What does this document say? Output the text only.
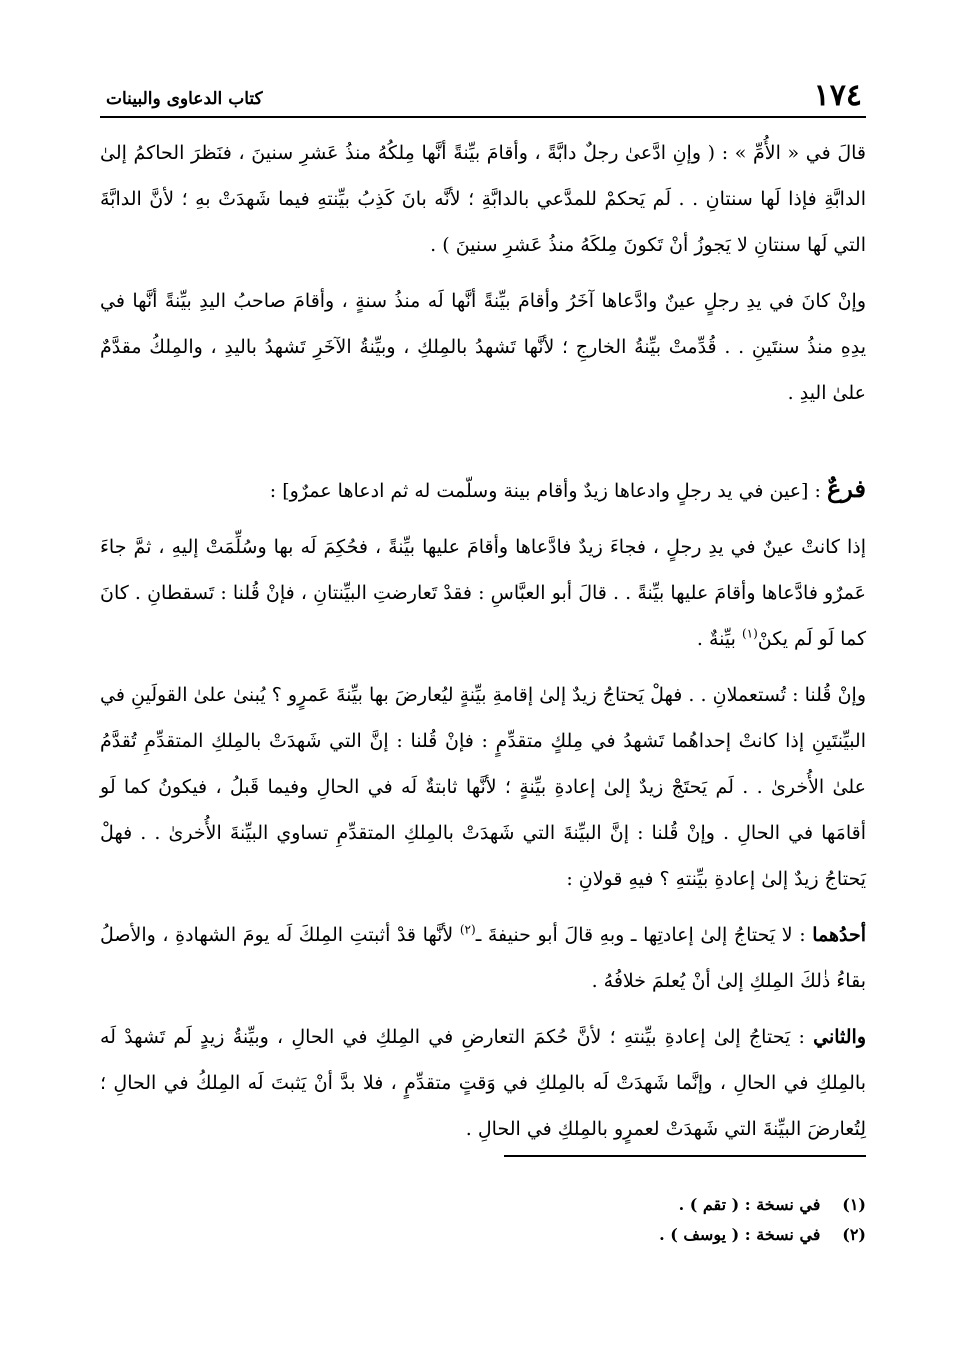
١٧٤
كتاب الدعاوى والبينات

قالَ في « الأُمِّ » : ( وإنِ ادَّعىٰ رجلٌ دابَّةً ، وأقامَ بيِّنةً أنَّها مِلكُهُ منذُ عَشرِ سنينَ ، فنَظرَ الحاكمُ إلىٰ الدابَّةِ فإذا لَها سنتانِ . . لَم يَحكمْ للمدَّعي بالدابَّةِ ؛ لأنَّه بانَ كَذِبُ بيِّنتهِ فيما شَهدَتْ بهِ ؛ لأنَّ الدابَّةَ التي لَها سنتانِ لا يَجوزُ أنْ تَكونَ مِلكَهُ منذُ عَشرِ سنينَ ) .

وإنْ كانَ في يدِ رجلٍ عينٌ وادَّعاها آخَرُ وأقامَ بيِّنةً أنَّها لَه منذُ سنةٍ ، وأقامَ صاحبُ اليدِ بيِّنةً أنَّها في يدِهِ منذُ سنتَينِ . . قُدِّمتْ بيِّنةُ الخارجِ ؛ لأنَّها تَشهدُ بالمِلكِ ، وبيِّنةُ الآخَرِ تَشهدُ باليدِ ، والمِلكُ مقدَّمٌ علىٰ اليدِ .

فرعٌ : [عين في يد رجلٍ وادعاها زيدٌ وأقام بينة وسلّمت له ثم ادعاها عمرٌو] :

إذا كانتْ عينٌ في يدِ رجلٍ ، فجاءَ زيدٌ فادَّعاها وأقامَ عليها بيِّنةً ، فحُكِمَ لَه بها وسُلِّمَتْ إليهِ ، ثمَّ جاءَ عَمرٌو فادَّعاها وأقامَ عليها بيِّنةً . . قالَ أبو العبَّاسِ : فقدْ تَعارضتِ البيِّنتانِ ، فإنْ قُلنا : تَسقطانِ . كانَ كما لَو لَم يكنْ$^{(١)}$ بيِّنةٌ .

وإنْ قُلنا : تُستعملانِ . . فهلْ يَحتاجُ زيدٌ إلىٰ إقامةِ بيِّنةٍ ليُعارضَ بها بيِّنةَ عَمرٍو ؟ يُبنىٰ علىٰ القولَينِ في البيِّنتَينِ إذا كانتْ إحداهُما تَشهدُ في مِلكٍ متقدِّمٍ : فإنْ قُلنا : إنَّ التي شَهدَتْ بالمِلكِ المتقدِّمِ تُقدَّمُ علىٰ الأُخرىٰ . . لَم يَحتَجْ زيدٌ إلىٰ إعادةِ بيِّنةٍ ؛ لأنَّها ثابتةٌ لَه في الحالِ وفيما قَبلُ ، فيكونُ كما لَو أقامَها في الحالِ . وإنْ قُلنا : إنَّ البيِّنةَ التي شَهدَتْ بالمِلكِ المتقدِّمِ تساوي البيِّنةَ الأُخرىٰ . . فهلْ يَحتاجُ زيدٌ إلىٰ إعادةِ بيِّنتهِ ؟ فيهِ قولانِ :

أحدُهما : لا يَحتاجُ إلىٰ إعادتِها ـ وبهِ قالَ أبو حنيفةَ ـ$^{(٢)}$ لأنَّها قدْ أثبتتِ المِلكَ لَه يومَ الشهادةِ ، والأصلُ بقاءُ ذٰلكَ المِلكِ إلىٰ أنْ يُعلمَ خلافُهُ .

والثاني : يَحتاجُ إلىٰ إعادةِ بيِّنتهِ ؛ لأنَّ حُكمَ التعارضِ في المِلكِ في الحالِ ، وبيِّنةُ زيدٍ لَم تَشهدْ لَه بالمِلكِ في الحالِ ، وإنَّما شَهدَتْ لَه بالمِلكِ في وَقتٍ متقدِّمٍ ، فلا بدَّ أنْ يَثبتَ لَه المِلكُ في الحالِ ؛ لِتُعارضَ البيِّنةَ التي شَهدَتْ لعمرٍو بالمِلكِ في الحالِ .

(١) في نسخة : ( تقم ) .
(٢) في نسخة : ( يوسف ) .
